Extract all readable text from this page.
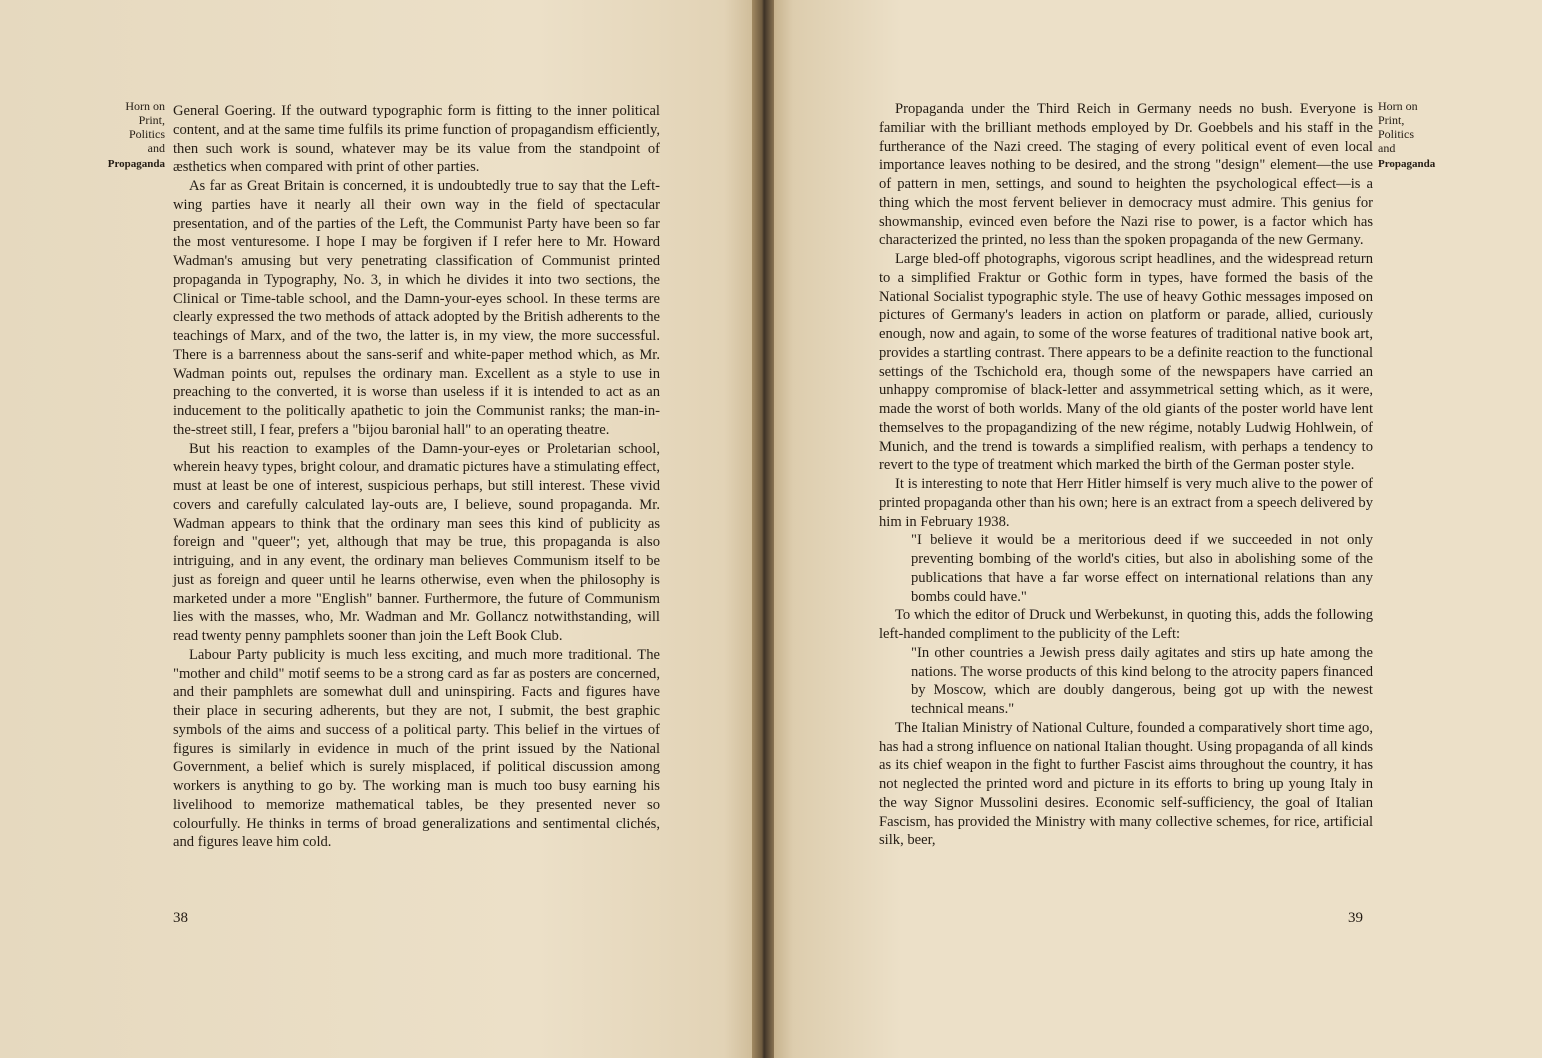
Horn on
Print,
Politics
and
Propaganda

General Goering. If the outward typographic form is fitting to the inner political content, and at the same time fulfils its prime function of propagandism efficiently, then such work is sound, whatever may be its value from the standpoint of æsthetics when compared with print of other parties.

As far as Great Britain is concerned, it is undoubtedly true to say that the Left-wing parties have it nearly all their own way in the field of spectacular presentation, and of the parties of the Left, the Communist Party have been so far the most venturesome. I hope I may be forgiven if I refer here to Mr. Howard Wadman's amusing but very penetrating classification of Communist printed propaganda in Typography, No. 3, in which he divides it into two sections, the Clinical or Time-table school, and the Damn-your-eyes school. In these terms are clearly expressed the two methods of attack adopted by the British adherents to the teachings of Marx, and of the two, the latter is, in my view, the more successful. There is a barrenness about the sans-serif and white-paper method which, as Mr. Wadman points out, repulses the ordinary man. Excellent as a style to use in preaching to the converted, it is worse than useless if it is intended to act as an inducement to the politically apathetic to join the Communist ranks; the man-in-the-street still, I fear, prefers a "bijou baronial hall" to an operating theatre.

But his reaction to examples of the Damn-your-eyes or Proletarian school, wherein heavy types, bright colour, and dramatic pictures have a stimulating effect, must at least be one of interest, suspicious perhaps, but still interest. These vivid covers and carefully calculated lay-outs are, I believe, sound propaganda. Mr. Wadman appears to think that the ordinary man sees this kind of publicity as foreign and "queer"; yet, although that may be true, this propaganda is also intriguing, and in any event, the ordinary man believes Communism itself to be just as foreign and queer until he learns otherwise, even when the philosophy is marketed under a more "English" banner. Furthermore, the future of Communism lies with the masses, who, Mr. Wadman and Mr. Gollancz notwithstanding, will read twenty penny pamphlets sooner than join the Left Book Club.

Labour Party publicity is much less exciting, and much more traditional. The "mother and child" motif seems to be a strong card as far as posters are concerned, and their pamphlets are somewhat dull and uninspiring. Facts and figures have their place in securing adherents, but they are not, I submit, the best graphic symbols of the aims and success of a political party. This belief in the virtues of figures is similarly in evidence in much of the print issued by the National Government, a belief which is surely misplaced, if political discussion among workers is anything to go by. The working man is much too busy earning his livelihood to memorize mathematical tables, be they presented never so colourfully. He thinks in terms of broad generalizations and sentimental clichés, and figures leave him cold.

38

Propaganda under the Third Reich in Germany needs no bush. Everyone is familiar with the brilliant methods employed by Dr. Goebbels and his staff in the furtherance of the Nazi creed. The staging of every political event of even local importance leaves nothing to be desired, and the strong "design" element—the use of pattern in men, settings, and sound to heighten the psychological effect—is a thing which the most fervent believer in democracy must admire. This genius for showmanship, evinced even before the Nazi rise to power, is a factor which has characterized the printed, no less than the spoken propaganda of the new Germany.

Large bled-off photographs, vigorous script headlines, and the widespread return to a simplified Fraktur or Gothic form in types, have formed the basis of the National Socialist typographic style. The use of heavy Gothic messages imposed on pictures of Germany's leaders in action on platform or parade, allied, curiously enough, now and again, to some of the worse features of traditional native book art, provides a startling contrast. There appears to be a definite reaction to the functional settings of the Tschichold era, though some of the newspapers have carried an unhappy compromise of black-letter and assymmetrical setting which, as it were, made the worst of both worlds. Many of the old giants of the poster world have lent themselves to the propagandizing of the new régime, notably Ludwig Hohlwein, of Munich, and the trend is towards a simplified realism, with perhaps a tendency to revert to the type of treatment which marked the birth of the German poster style.

It is interesting to note that Herr Hitler himself is very much alive to the power of printed propaganda other than his own; here is an extract from a speech delivered by him in February 1938.

"I believe it would be a meritorious deed if we succeeded in not only preventing bombing of the world's cities, but also in abolishing some of the publications that have a far worse effect on international relations than any bombs could have."

To which the editor of Druck und Werbekunst, in quoting this, adds the following left-handed compliment to the publicity of the Left:

"In other countries a Jewish press daily agitates and stirs up hate among the nations. The worse products of this kind belong to the atrocity papers financed by Moscow, which are doubly dangerous, being got up with the newest technical means."

The Italian Ministry of National Culture, founded a comparatively short time ago, has had a strong influence on national Italian thought. Using propaganda of all kinds as its chief weapon in the fight to further Fascist aims throughout the country, it has not neglected the printed word and picture in its efforts to bring up young Italy in the way Signor Mussolini desires. Economic self-sufficiency, the goal of Italian Fascism, has provided the Ministry with many collective schemes, for rice, artificial silk, beer,

Horn on
Print,
Politics
and
Propaganda
39
